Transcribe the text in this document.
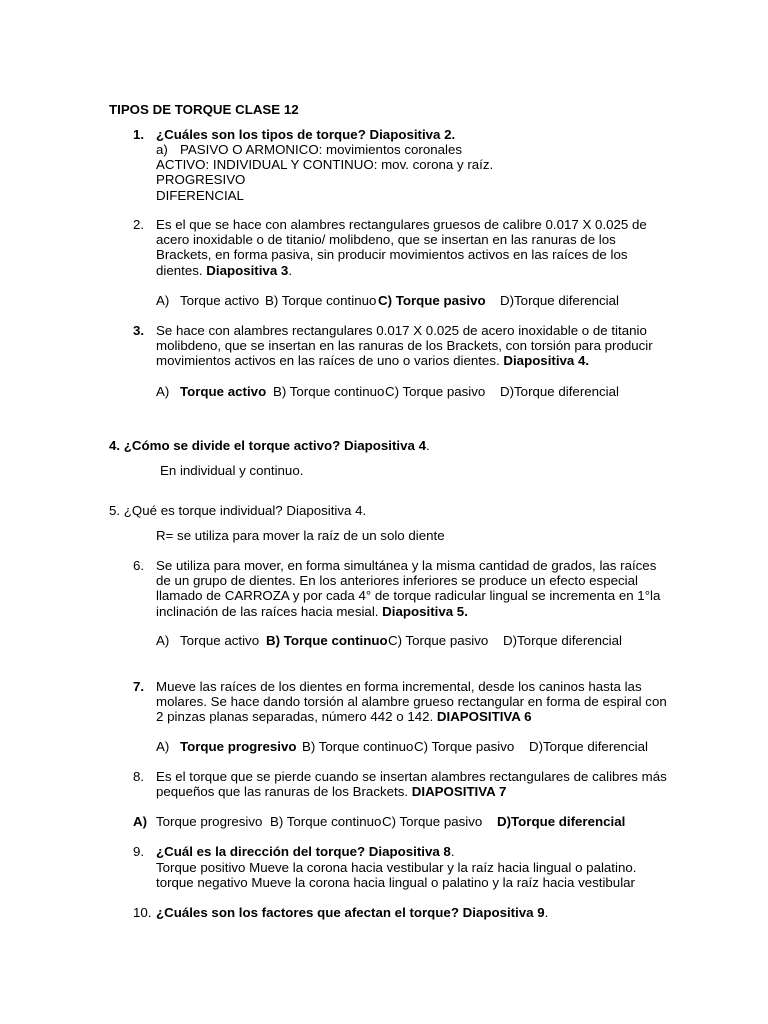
TIPOS DE TORQUE CLASE 12
1. ¿Cuáles son los tipos de torque? Diapositiva 2.
a) PASIVO O ARMONICO: movimientos coronales
ACTIVO: INDIVIDUAL Y CONTINUO: mov. corona y raíz.
PROGRESIVO
DIFERENCIAL
2. Es el que se hace con alambres rectangulares gruesos de calibre 0.017 X 0.025 de
acero inoxidable o de titanio/ molibdeno, que se insertan en las ranuras de los
Brackets, en forma pasiva, sin producir movimientos activos en las raíces de los
dientes. Diapositiva 3.
A) Torque activo B) Torque continuo C) Torque pasivo D)Torque diferencial
3. Se hace con alambres rectangulares 0.017 X 0.025 de acero inoxidable o de titanio
molibdeno, que se insertan en las ranuras de los Brackets, con torsión para producir
movimientos activos en las raíces de uno o varios dientes. Diapositiva 4.
A) Torque activo B) Torque continuo C) Torque pasivo D)Torque diferencial
4. ¿Cómo se divide el torque activo? Diapositiva 4.
En individual y continuo.
5. ¿Qué es torque individual? Diapositiva 4.
R= se utiliza para mover la raíz de un solo diente
6. Se utiliza para mover, en forma simultánea y la misma cantidad de grados, las raíces
de un grupo de dientes. En los anteriores inferiores se produce un efecto especial
llamado de CARROZA y por cada 4° de torque radicular lingual se incrementa en 1°la
inclinación de las raíces hacia mesial. Diapositiva 5.
A) Torque activo B) Torque continuo C) Torque pasivo D)Torque diferencial
7. Mueve las raíces de los dientes en forma incremental, desde los caninos hasta las
molares. Se hace dando torsión al alambre grueso rectangular en forma de espiral con
2 pinzas planas separadas, número 442 o 142. DIAPOSITIVA 6
A) Torque progresivo B) Torque continuo C) Torque pasivo D)Torque diferencial
8. Es el torque que se pierde cuando se insertan alambres rectangulares de calibres más
pequeños que las ranuras de los Brackets. DIAPOSITIVA 7
A) Torque progresivo B) Torque continuo C) Torque pasivo D)Torque diferencial
9. ¿Cuál es la dirección del torque? Diapositiva 8.
Torque positivo Mueve la corona hacia vestibular y la raíz hacia lingual o palatino.
torque negativo Mueve la corona hacia lingual o palatino y la raíz hacia vestibular
10. ¿Cuáles son los factores que afectan el torque? Diapositiva 9.
